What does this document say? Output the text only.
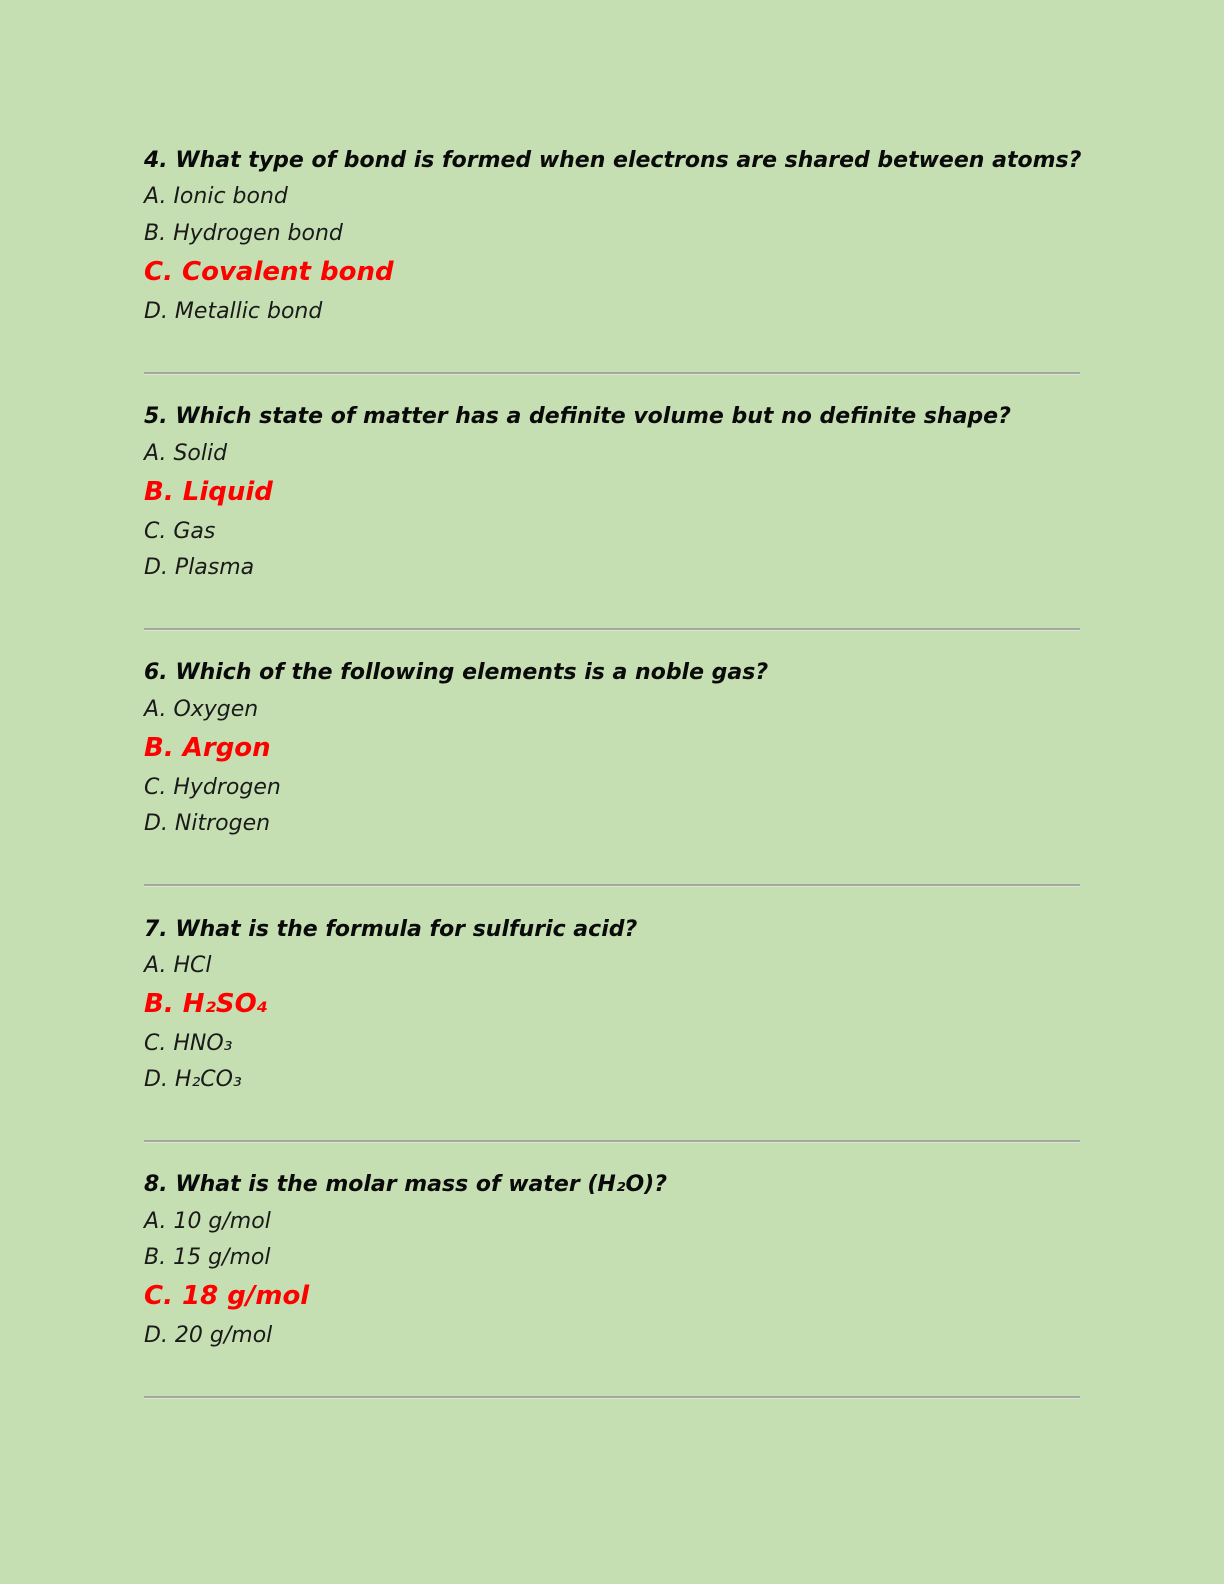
4. What type of bond is formed when electrons are shared between atoms?

A. Ionic bond

B. Hydrogen bond

C. Covalent bond

D. Metallic bond

5. Which state of matter has a definite volume but no definite shape?

A. Solid

B. Liquid

C. Gas

D. Plasma

6. Which of the following elements is a noble gas?

A. Oxygen

B. Argon

C. Hydrogen

D. Nitrogen

7. What is the formula for sulfuric acid?

A. HCl

B. H₂SO₄

C. HNO₃

D. H₂CO₃

8. What is the molar mass of water (H₂O)?

A. 10 g/mol

B. 15 g/mol

C. 18 g/mol

D. 20 g/mol
